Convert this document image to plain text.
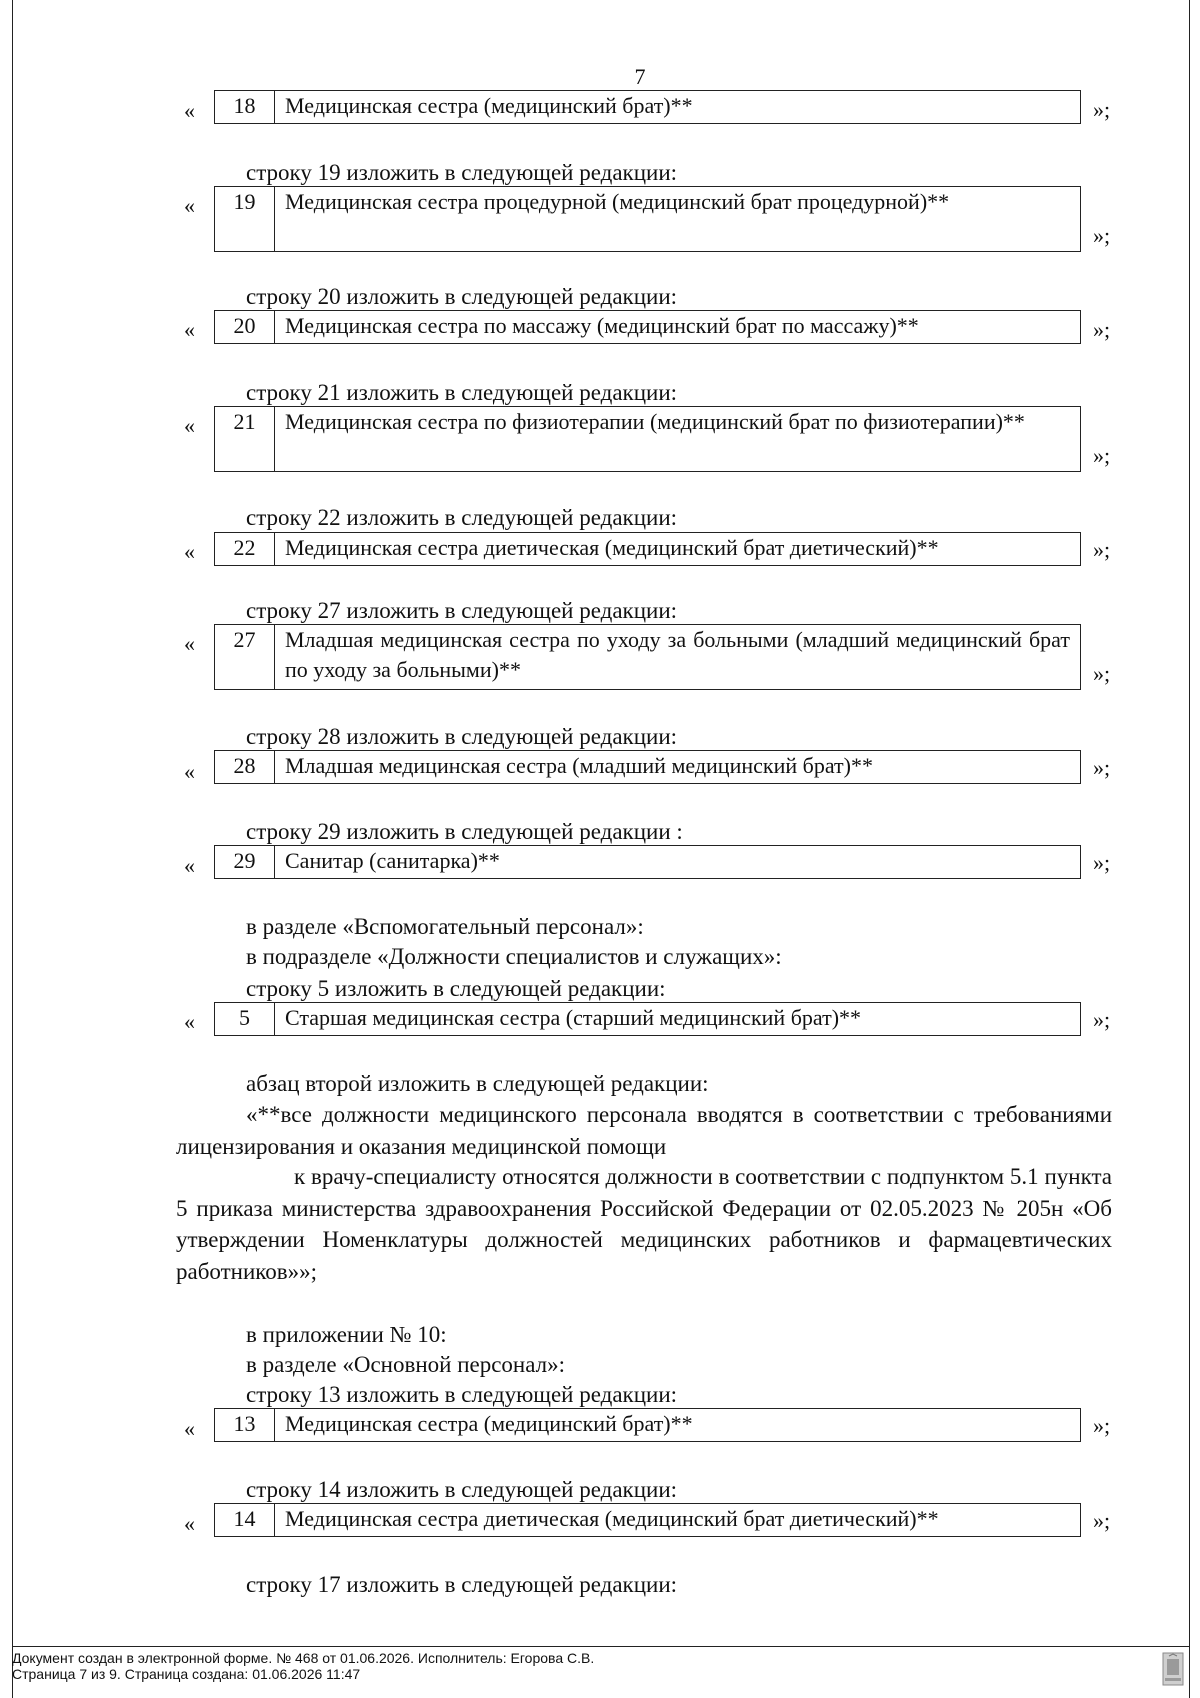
7
«	18	Медицинская сестра (медицинский брат)**	»;
строку 19 изложить в следующей редакции:
«	19	Медицинская сестра процедурной (медицинский брат процедурной)**
»;
строку 20 изложить в следующей редакции:
«	20	Медицинская сестра по массажу (медицинский брат по массажу)**	»;
строку 21 изложить в следующей редакции:
«	21	Медицинская сестра по физиотерапии (медицинский брат по физиотерапии)**
»;
строку 22 изложить в следующей редакции:
«	22	Медицинская сестра диетическая (медицинский брат диетический)**	»;
строку 27 изложить в следующей редакции:
«	27	Младшая медицинская сестра по уходу за больными (младший медицинский брат по уходу за больными)**	»;
строку 28 изложить в следующей редакции:
«	28	Младшая медицинская сестра (младший медицинский брат)**	»;
строку 29 изложить в следующей редакции :
«	29	Санитар (санитарка)**	»;
в разделе «Вспомогательный персонал»:
в подразделе «Должности специалистов и служащих»:
строку 5 изложить в следующей редакции:
«	5	Старшая медицинская сестра (старший медицинский брат)**	»;
абзац второй изложить в следующей редакции:
«**все должности медицинского персонала вводятся в соответствии с требованиями лицензирования и оказания медицинской помощи
к врачу-специалисту относятся должности в соответствии с подпунктом 5.1 пункта 5 приказа министерства здравоохранения Российской Федерации от 02.05.2023 № 205н «Об утверждении Номенклатуры должностей медицинских работников и фармацевтических работников»»;
в приложении № 10:
в разделе «Основной персонал»:
строку 13 изложить в следующей редакции:
«	13	Медицинская сестра (медицинский брат)**	»;
строку 14 изложить в следующей редакции:
«	14	Медицинская сестра диетическая (медицинский брат диетический)**	»;
строку 17 изложить в следующей редакции:
Документ создан в электронной форме. № 468 от 01.06.2026. Исполнитель: Егорова С.В.
Страница 7 из 9. Страница создана: 01.06.2026 11:47
